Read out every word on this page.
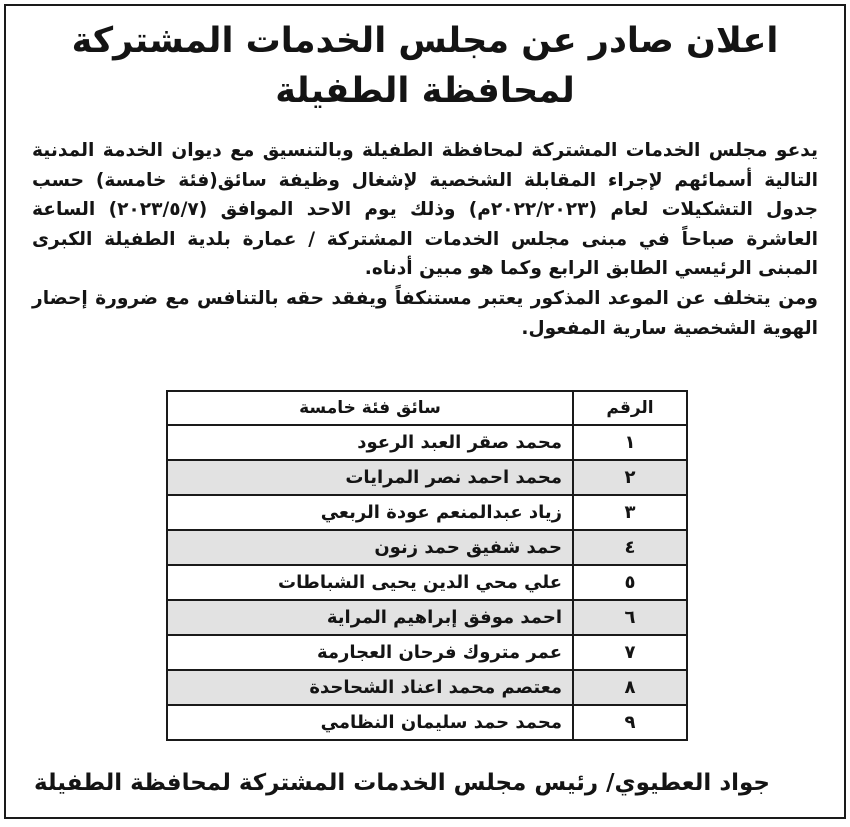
اعلان صادر عن مجلس الخدمات المشتركة
لمحافظة الطفيلة

يدعو مجلس الخدمات المشتركة لمحافظة الطفيلة وبالتنسيق مع ديوان الخدمة المدنية التالية أسمائهم لإجراء المقابلة الشخصية لإشغال وظيفة سائق(فئة خامسة) حسب جدول التشكيلات لعام (٢٠٢٢/٢٠٢٣م) وذلك يوم الاحد الموافق (٢٠٢٣/٥/٧) الساعة العاشرة صباحاً في مبنى مجلس الخدمات المشتركة / عمارة بلدية الطفيلة الكبرى المبنى الرئيسي الطابق الرابع وكما هو مبين أدناه.

ومن يتخلف عن الموعد المذكور يعتبر مستنكفاً ويفقد حقه بالتنافس مع ضرورة إحضار الهوية الشخصية سارية المفعول.

الرقم	سائق فئة خامسة
١	محمد صقر العبد الرعود
٢	محمد احمد نصر المرايات
٣	زياد عبدالمنعم عودة الربعي
٤	حمد شفيق حمد زنون
٥	علي محي الدين يحيى الشباطات
٦	احمد موفق إبراهيم المراية
٧	عمر متروك فرحان العجارمة
٨	معتصم محمد اعناد الشحاحدة
٩	محمد حمد سليمان النظامي
جواد العطيوي/ رئيس مجلس الخدمات المشتركة لمحافظة الطفيلة
